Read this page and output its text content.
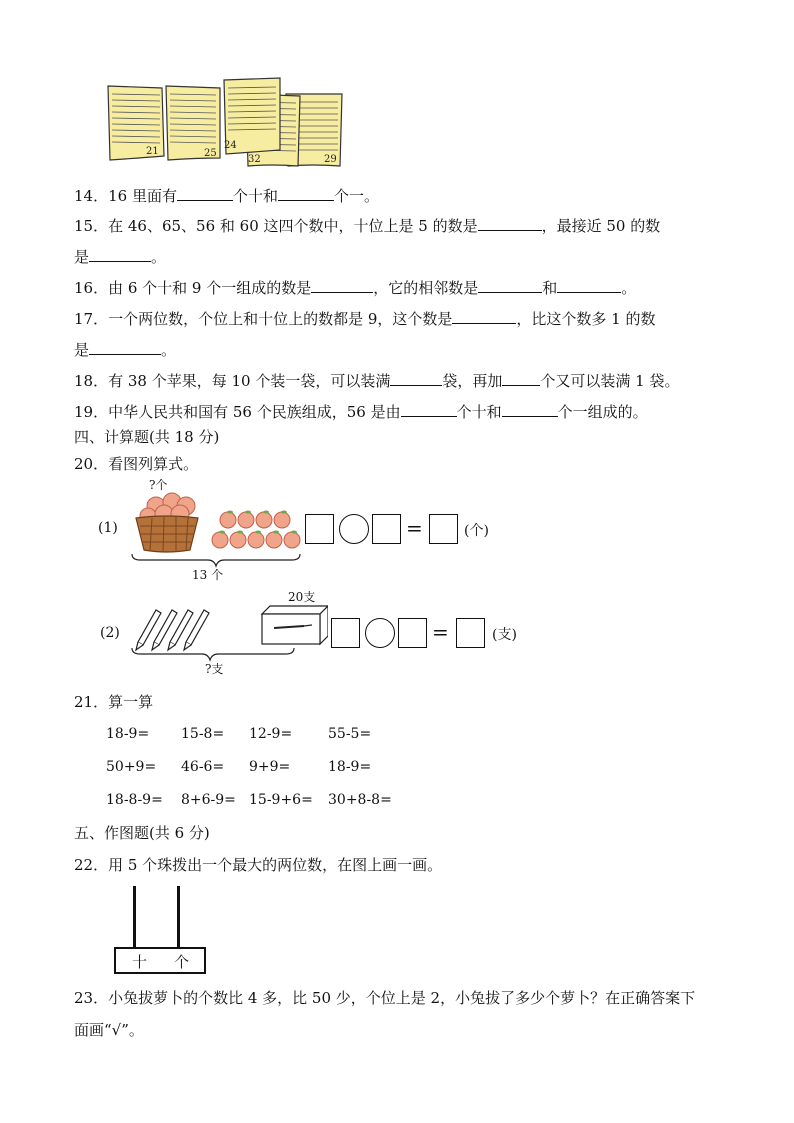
21	25
24
32	29
14．16 里面有	个十和	个一。
15．在 46、65、56 和 60 这四个数中，十位上是 5 的数是	，最接近 50 的数
是	。
16．由 6 个十和 9 个一组成的数是	，它的相邻数是	和	。
17．一个两位数，个位上和十位上的数都是 9，这个数是	，比这个数多 1 的数
是	。
18．有 38 个苹果，每 10 个装一袋，可以装满	袋，再加	个又可以装满 1 袋。
19．中华人民共和国有 56 个民族组成，56 是由	个十和	个一组成的。
四、计算题(共 18 分)
20．看图列算式。
?个
(1)
13 个
=	(个)
(2)
20支
?支
=	(支)
21．算一算
18-9= 15-8= 12-9=	55-5=
50+9= 46-6= 9+9=	18-9=
18-8-9= 8+6-9= 15-9+6= 30+8-8=
五、作图题(共 6 分)
22．用 5 个珠拨出一个最大的两位数，在图上画一画。
十 个
23．小兔拔萝卜的个数比 4 多，比 50 少，个位上是 2，小兔拔了多少个萝卜？在正确答案下
面画“√”。
